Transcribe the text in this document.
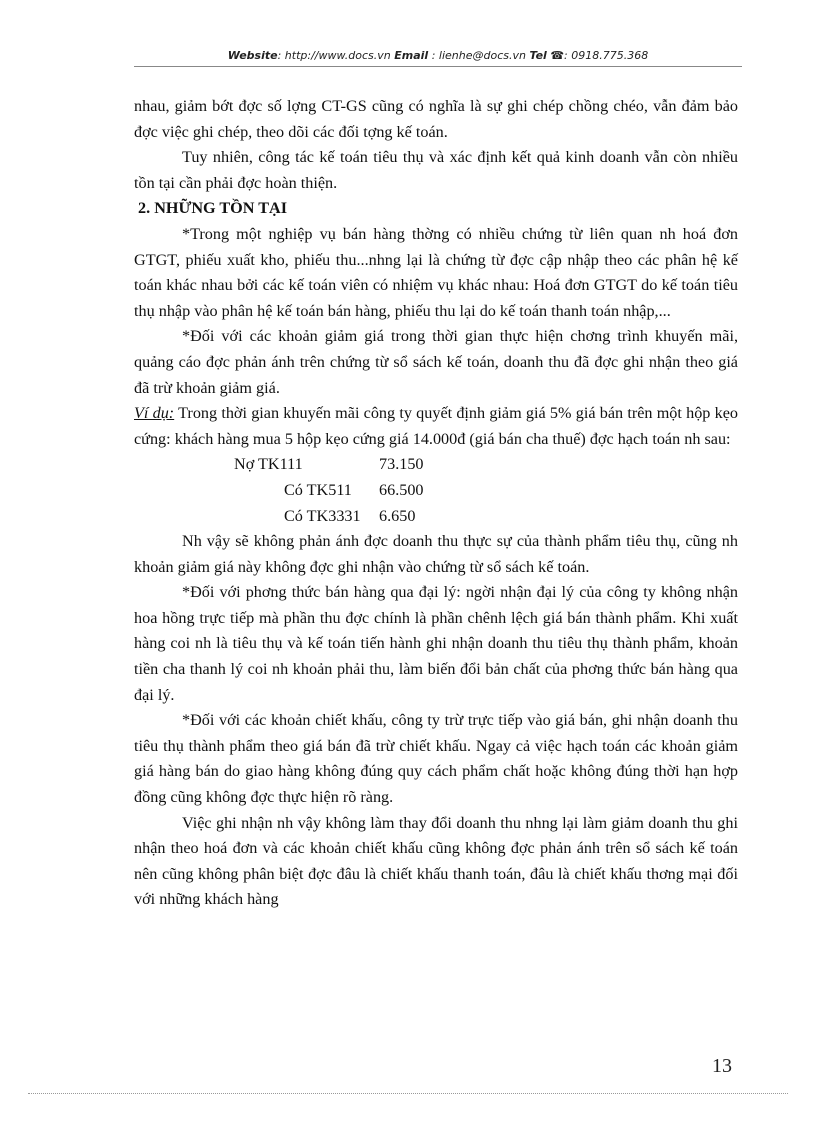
Website: http://www.docs.vn Email : lienhe@docs.vn Tel ☎: 0918.775.368

nhau, giảm bớt đợc số lợng CT-GS cũng có nghĩa là sự ghi chép chồng chéo, vẫn đảm bảo đợc việc ghi chép, theo dõi các đối tợng kế toán.

Tuy nhiên, công tác kế toán tiêu thụ và xác định kết quả kinh doanh vẫn còn nhiều tồn tại cần phải đợc hoàn thiện.

2. NHỮNG TỒN TẠI

*Trong một nghiệp vụ bán hàng thờng có nhiều chứng từ liên quan nh hoá đơn GTGT, phiếu xuất kho, phiếu thu...nhng lại là chứng từ đợc cập nhập theo các phân hệ kế toán khác nhau bởi các kế toán viên có nhiệm vụ khác nhau: Hoá đơn GTGT do kế toán tiêu thụ nhập vào phân hệ kế toán bán hàng, phiếu thu lại do kế toán thanh toán nhập,...

*Đối với các khoản giảm giá trong thời gian thực hiện chơng trình khuyến mãi, quảng cáo đợc phản ánh trên chứng từ sổ sách kế toán, doanh thu đã đợc ghi nhận theo giá đã trừ khoản giảm giá.

Ví dụ: Trong thời gian khuyến mãi công ty quyết định giảm giá 5% giá bán trên một hộp kẹo cứng: khách hàng mua 5 hộp kẹo cứng giá 14.000đ (giá bán cha thuế) đợc hạch toán nh sau:

Nợ TK111	73.150
Có TK511 66.500
Có TK3331 6.650

Nh vậy sẽ không phản ánh đợc doanh thu thực sự của thành phẩm tiêu thụ, cũng nh khoản giảm giá này không đợc ghi nhận vào chứng từ sổ sách kế toán.

*Đối với phơng thức bán hàng qua đại lý: ngời nhận đại lý của công ty không nhận hoa hồng trực tiếp mà phần thu đợc chính là phần chênh lệch giá bán thành phẩm. Khi xuất hàng coi nh là tiêu thụ và kế toán tiến hành ghi nhận doanh thu tiêu thụ thành phẩm, khoản tiền cha thanh lý coi nh khoản phải thu, làm biến đổi bản chất của phơng thức bán hàng qua đại lý.

*Đối với các khoản chiết khấu, công ty trừ trực tiếp vào giá bán, ghi nhận doanh thu tiêu thụ thành phẩm theo giá bán đã trừ chiết khấu. Ngay cả việc hạch toán các khoản giảm giá hàng bán do giao hàng không đúng quy cách phẩm chất hoặc không đúng thời hạn hợp đồng cũng không đợc thực hiện rõ ràng.

Việc ghi nhận nh vậy không làm thay đổi doanh thu nhng lại làm giảm doanh thu ghi nhận theo hoá đơn và các khoản chiết khấu cũng không đợc phản ánh trên sổ sách kế toán nên cũng không phân biệt đợc đâu là chiết khấu thanh toán, đâu là chiết khấu thơng mại đối với những khách hàng

13
